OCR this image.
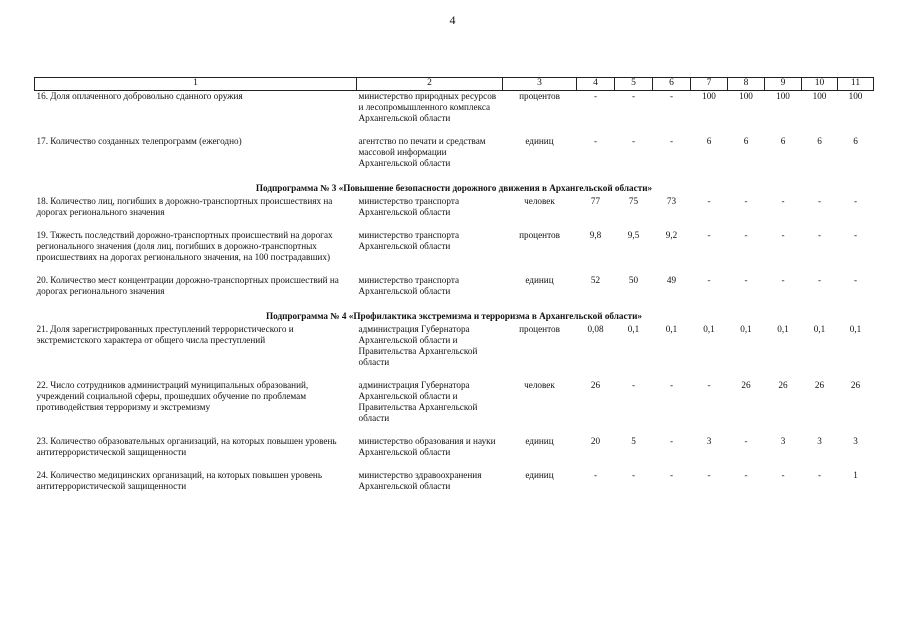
4
1	2	3	4	5	6	7	8	9	10	11
16. Доля оплаченного добровольно сданного оружия	министерство природных ресурсов и лесопромышленного комплекса Архангельской области	процентов	-	-	-	100	100	100	100	100

17. Количество созданных телепрограмм (ежегодно)	агентство по печати и средствам массовой информации Архангельской области	единиц	-	-	-	6	6	6	6	6

Подпрограмма № 3 «Повышение безопасности дорожного движения в Архангельской области»										
18. Количество лиц, погибших в дорожно-транспортных происшествиях на дорогах регионального значения	министерство транспорта Архангельской области	человек	77	75	73	-	-	-	-	-

19. Тяжесть последствий дорожно-транспортных происшествий на дорогах регионального значения (доля лиц, погибших в дорожно-транспортных происшествиях на дорогах регионального значения, на 100 пострадавших)	министерство транспорта Архангельской области	процентов	9,8	9,5	9,2	-	-	-	-	-

20. Количество мест концентрации дорожно-транспортных происшествий на дорогах регионального значения	министерство транспорта Архангельской области	единиц	52	50	49	-	-	-	-	-

Подпрограмма № 4 «Профилактика экстремизма и терроризма в Архангельской области»										
21. Доля зарегистрированных преступлений террористического и экстремистского характера от общего числа преступлений	администрация Губернатора Архангельской области и Правительства Архангельской области	процентов	0,08	0,1	0,1	0,1	0,1	0,1	0,1	0,1

22. Число сотрудников администраций муниципальных образований, учреждений социальной сферы, прошедших обучение по проблемам противодействия терроризму и экстремизму	администрация Губернатора Архангельской области и Правительства Архангельской области	человек	26	-	-	-	26	26	26	26

23. Количество образовательных организаций, на которых повышен уровень антитеррористической защищенности	министерство образования и науки Архангельской области	единиц	20	5	-	3	-	3	3	3

24. Количество медицинских организаций, на которых повышен уровень антитеррористической защищенности	министерство здравоохранения Архангельской области	единиц	-	-	-	-	-	-	-	1
